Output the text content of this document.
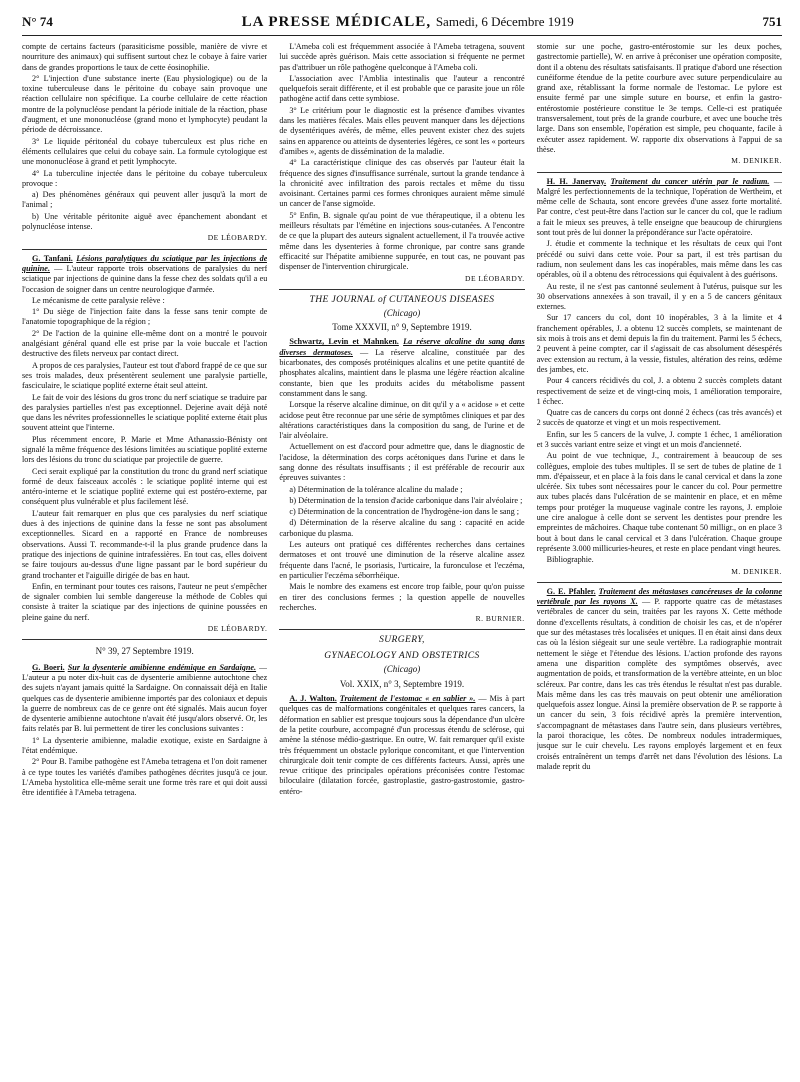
N° 74	LA PRESSE MÉDICALE, Samedi, 6 Décembre 1919	751

compte de certains facteurs (parasiticisme possible, manière de vivre et nourriture des animaux) qui suffisent surtout chez le cobaye à faire varier dans de grandes proportions le taux de cette éosinophilie.

2° L'injection d'une substance inerte (Eau physiologique) ou de la toxine tuberculeuse dans le péritoine du cobaye sain provoque une réaction cellulaire non spécifique. La courbe cellulaire de cette réaction montre de la polynucléose pendant la période initiale de la réaction, phase d'augment, et une mononucléose (grand mono et lymphocyte) peudant la période de décroissance.

3° Le liquide péritonéal du cobaye tuberculeux est plus riche en éléments cellulaires que celui du cobaye sain. La formule cytologique est une mononucléose à grand et petit lymphocyte.

4° La tuberculine injectée dans le péritoine du cobaye tuberculeux provoque :

a) Des phénomènes généraux qui peuvent aller jusqu'à la mort de l'animal ;

b) Une véritable péritonite aiguë avec épanchement abondant et polynucléose intense.

DE LÉOBARDY.

G. Tanfani. Lésions paralytiques du sciatique par les injections de quinine. — L'auteur rapporte trois observations de paralysies du nerf sciatique par injections de quinine dans la fesse chez des soldats qu'il a eu l'occasion de soigner dans un centre neurologique d'armée.

Le mécanisme de cette paralysie relève :

1° Du siège de l'injection faite dans la fesse sans tenir compte de l'anatomie topographique de la région ;

2° De l'action de la quinine elle-même dont on a montré le pouvoir analgésiant général quand elle est prise par la voie buccale et l'action destructive des filets nerveux par contact direct.

A propos de ces paralysies, l'auteur est tout d'abord frappé de ce que sur ses trois malades, deux présentèrent seulement une paralysie partielle, fasciculaire, le sciatique poplité externe était seul atteint.

Le fait de voir des lésions du gros tronc du nerf sciatique se traduire par des paralysies partielles n'est pas exceptionnel. Dejerine avait déjà noté que dans les névrites professionnelles le sciatique poplité externe était plus souvent atteint que l'interne.

Plus récemment encore, P. Marie et Mme Athanassio-Bénisty ont signalé la même fréquence des lésions limitées au sciatique poplité externe lors des lésions du tronc du sciatique par projectile de guerre.

Ceci serait expliqué par la constitution du tronc du grand nerf sciatique formé de deux faisceaux accolés : le sciatique poplité interne qui est antéro-interne et le sciatique poplité externe qui est postéro-externe, par conséquent plus vulnérable et plus facilement lésé.

L'auteur fait remarquer en plus que ces paralysies du nerf sciatique dues à des injections de quinine dans la fesse ne sont pas absolument exceptionnelles. Sicard en a rapporté en France de nombreuses observations. Aussi T. recommande-t-il la plus grande prudence dans la pratique des injections de quinine intrafessières. En tout cas, elles doivent se faire toujours au-dessus d'une ligne passant par le bord supérieur du grand trochanter et l'aiguille dirigée de bas en haut.

Enfin, en terminant pour toutes ces raisons, l'auteur ne peut s'empêcher de signaler combien lui semble dangereuse la méthode de Cobles qui consiste à traiter la sciatique par des injections de quinine poussées en pleine gaine du nerf.

DE LÉOBARDY.
N° 39, 27 Septembre 1919.

G. Boeri. Sur la dysenterie amibienne endémique en Sardaigne. — L'auteur a pu noter dix-huit cas de dysenterie amibienne autochtone chez des sujets n'ayant jamais quitté la Sardaigne. On connaissait déjà en Italie quelques cas de dysenterie amibienne importés par des coloniaux et depuis la guerre de nombreux cas de ce genre ont été signalés. Mais aucun foyer de dysenterie amibienne autochtone n'avait été jusqu'alors observé. Or, les faits relatés par B. lui permettent de tirer les conclusions suivantes :

1° La dysenterie amibienne, maladie exotique, existe en Sardaigne à l'état endémique.

2° Pour B. l'amibe pathogène est l'Ameba tetragena et l'on doit ramener à ce type toutes les variétés d'amibes pathogènes décrites jusqu'à ce jour. L'Ameba hystolitica elle-même serait une forme très rare et qui doit aussi être identifiée à l'Ameba tetragena.

L'Ameba coli est fréquemment associée à l'Ameba tetragena, souvent lui succède après guérison. Mais cette association si fréquente ne permet pas d'attribuer un rôle pathogène quelconque à l'Ameba coli.

L'association avec l'Amblia intestinalis que l'auteur a rencontré quelquefois serait différente, et il est probable que ce parasite joue un rôle pathogène actif dans cette symbiose.

3° Le critérium pour le diagnostic est la présence d'amibes vivantes dans les matières fécales. Mais elles peuvent manquer dans les déjections de dysentériques avérés, de même, elles peuvent exister chez des sujets sains en apparence ou atteints de dysenteries légères, ce sont les « porteurs d'amibes », agents de dissémination de la maladie.

4° La caractéristique clinique des cas observés par l'auteur était la fréquence des signes d'insuffisance surrénale, surtout la grande tendance à la chronicité avec infiltration des parois rectales et même du tissu avoisinant. Certaines parmi ces formes chroniques auraient même simulé un cancer de l'anse sigmoïde.

5° Enfin, B. signale qu'au point de vue thérapeutique, il a obtenu les meilleurs résultats par l'émétine en injections sous-cutanées. A l'encontre de ce que la plupart des auteurs signalent actuellement, il l'a trouvée active même dans les dysenteries à forme chronique, par contre sans grande efficacité sur l'hépatite amibienne suppurée, en tout cas, ne pouvant pas dispenser de l'intervention chirurgicale.

DE LÉOBARDY.
THE JOURNAL of CUTANEOUS DISEASES
(Chicago)
Tome XXXVII, n° 9, Septembre 1919.

Schwartz, Levin et Mahnken. La réserve alcaline du sang dans diverses dermatoses. — La réserve alcaline, constituée par des bicarbonates, des composés protéiniques alcalins et une petite quantité de phosphates alcalins, maintient dans le plasma une légère réaction alcaline constante, bien que les produits acides du métabolisme passent constamment dans le sang.

Lorsque la réserve alcaline diminue, on dit qu'il y a « acidose » et cette acidose peut être reconnue par une série de symptômes cliniques et par des altérations caractéristiques dans la composition du sang, de l'urine et de l'air alvéolaire.

Actuellement on est d'accord pour admettre que, dans le diagnostic de l'acidose, la détermination des corps acétoniques dans l'urine et dans le sang donne des résultats insuffisants ; il est préférable de recourir aux épreuves suivantes :

a) Détermination de la tolérance alcaline du malade ;

b) Détermination de la tension d'acide carbonique dans l'air alvéolaire ;

c) Détermination de la concentration de l'hydrogène-ion dans le sang ;

d) Détermination de la réserve alcaline du sang : capacité en acide carbonique du plasma.

Les auteurs ont pratiqué ces différentes recherches dans certaines dermatoses et ont trouvé une diminution de la réserve alcaline assez fréquente dans l'acné, le psoriasis, l'urticaire, la furonculose et l'eczéma, en particulier l'eczéma séborrhéique.

Mais le nombre des examens est encore trop faible, pour qu'on puisse en tirer des conclusions fermes ; la question appelle de nouvelles recherches.

R. BURNIER.
SURGERY,
GYNAECOLOGY AND OBSTETRICS
(Chicago)
Vol. XXIX, n° 3, Septembre 1919.

A. J. Walton. Traitement de l'estomac « en sablier ». — Mis à part quelques cas de malformations congénitales et quelques rares cancers, la déformation en sablier est presque toujours sous la dépendance d'un ulcère de la petite courbure, accompagné d'un processus étendu de sclérose, qui amène la sténose médio-gastrique. En outre, W. fait remarquer qu'il existe très fréquemment un obstacle pylorique concomitant, et que l'intervention chirurgicale doit tenir compte de ces différents facteurs. Aussi, après une revue critique des principales opérations préconisées contre l'estomac biloculaire (dilatation forcée, gastroplastie, gastro-gastrostomie, gastro-entéro-

stomie sur une poche, gastro-entérostomie sur les deux poches, gastrectomie partielle), W. en arrive à préconiser une opération composite, dont il a obtenu des résultats satisfaisants. Il pratique d'abord une résection cunéiforme étendue de la petite courbure avec suture perpendiculaire au grand axe, rétablissant la forme normale de l'estomac. Le pylore est ensuite fermé par une simple suture en bourse, et enfin la gastro-entérostomie postérieure constitue le 3e temps. Celle-ci est pratiquée transversalement, tout près de la grande courbure, et avec une bouche très large. Dans son ensemble, l'opération est simple, peu choquante, facile à exécuter assez rapidement. W. rapporte dix observations à l'appui de sa thèse.

M. DENIKER.

H. H. Janervay. Traitement du cancer utérin par le radium. — Malgré les perfectionnements de la technique, l'opération de Wertheim, et même celle de Schauta, sont encore grevées d'une assez forte mortalité. Par contre, c'est peut-être dans l'action sur le cancer du col, que le radium a fait le mieux ses preuves, à telle enseigne que beaucoup de chirurgiens sont tout près de lui donner la prépondérance sur l'acte opératoire.

J. étudie et commente la technique et les résultats de ceux qui l'ont précédé ou suivi dans cette voie. Pour sa part, il est très partisan du radium, non seulement dans les cas inopérables, mais même dans les cas opérables, où il a obtenu des rétrocessions qui équivalent à des guérisons.

Au reste, il ne s'est pas cantonné seulement à l'utérus, puisque sur les 30 observations annexées à son travail, il y en a 5 de cancers génitaux externes.

Sur 17 cancers du col, dont 10 inopérables, 3 à la limite et 4 franchement opérables, J. a obtenu 12 succès complets, se maintenant de six mois à trois ans et demi depuis la fin du traitement. Parmi les 5 échecs, 2 peuvent à peine compter, car il s'agissait de cas absolument désespérés avec extension au rectum, à la vessie, fistules, altération des reins, œdème des jambes, etc.

Pour 4 cancers récidivés du col, J. a obtenu 2 succès complets datant respectivement de seize et de vingt-cinq mois, 1 amélioration temporaire, 1 échec.

Quatre cas de cancers du corps ont donné 2 échecs (cas très avancés) et 2 succès de quatorze et vingt et un mois respectivement.

Enfin, sur les 5 cancers de la vulve, J. compte 1 échec, 1 amélioration et 3 succès variant entre seize et vingt et un mois d'ancienneté.

Au point de vue technique, J., contrairement à beaucoup de ses collègues, emploie des tubes multiples. Il se sert de tubes de platine de 1 mm. d'épaisseur, et en place à la fois dans le canal cervical et dans la zone ulcérée. Six tubes sont nécessaires pour le cancer du col. Pour permettre aux tubes placés dans l'ulcération de se maintenir en place, et en même temps pour protéger la muqueuse vaginale contre les rayons, J. emploie une cire analogue à celle dont se servent les dentistes pour prendre les empreintes de mâchoires. Chaque tube contenant 50 milligr., on en place 3 bout à bout dans le canal cervical et 3 dans l'ulcération. Chaque groupe représente 3.000 millicuries-heures, et reste en place pendant vingt heures.

Bibliographie.

M. DENIKER.

G. E. Pfahler. Traitement des métastases cancéreuses de la colonne vertébrale par les rayons X. — P. rapporte quatre cas de métastases vertébrales de cancer du sein, traitées par les rayons X. Cette méthode donne d'excellents résultats, à condition de choisir les cas, et de n'opérer que sur des métastases très localisées et uniques. Il en était ainsi dans deux cas où la lésion siégeait sur une seule vertèbre. La radiographie montrait nettement le siège et l'étendue des lésions. L'action profonde des rayons amena une disparition complète des symptômes observés, avec augmentation de poids, et transformation de la vertèbre atteinte, en un bloc scléreux. Par contre, dans les cas très étendus le résultat n'est pas durable. Mais même dans les cas très mauvais on peut obtenir une amélioration quelquefois assez longue. Ainsi la première observation de P. se rapporte à un cancer du sein, 3 fois récidivé après la première intervention, s'accompagnant de métastases dans l'autre sein, dans plusieurs vertèbres, la paroi thoracique, les côtes. De nombreux nodules intradermiques, jusque sur le cuir chevelu. Les rayons employés largement et en feux croisés entraînèrent un temps d'arrêt net dans l'évolution des lésions. La malade reprit du
